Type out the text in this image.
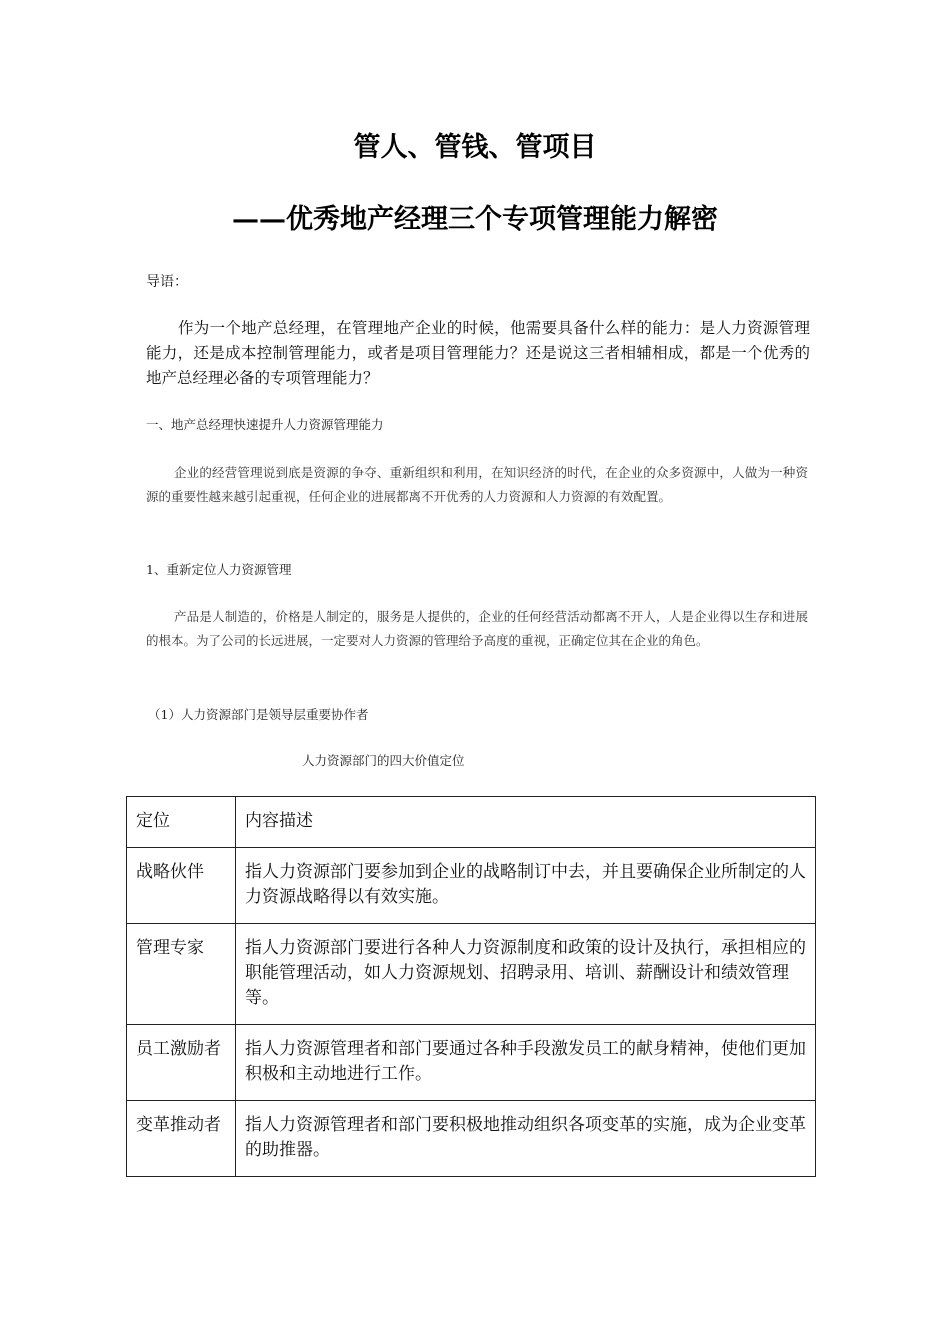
管人、管钱、管项目
——优秀地产经理三个专项管理能力解密

导语：

作为一个地产总经理，在管理地产企业的时候，他需要具备什么样的能力：是人力资源管理能力，还是成本控制管理能力，或者是项目管理能力？还是说这三者相辅相成，都是一个优秀的地产总经理必备的专项管理能力？

一、地产总经理快速提升人力资源管理能力

企业的经营管理说到底是资源的争夺、重新组织和利用，在知识经济的时代，在企业的众多资源中，人做为一种资源的重要性越来越引起重视，任何企业的进展都离不开优秀的人力资源和人力资源的有效配置。

1、重新定位人力资源管理

产品是人制造的，价格是人制定的，服务是人提供的，企业的任何经营活动都离不开人，人是企业得以生存和进展的根本。为了公司的长远进展，一定要对人力资源的管理给予高度的重视，正确定位其在企业的角色。

（1）人力资源部门是领导层重要协作者

人力资源部门的四大价值定位

定位	内容描述
战略伙伴	指人力资源部门要参加到企业的战略制订中去，并且要确保企业所制定的人力资源战略得以有效实施。
管理专家	指人力资源部门要进行各种人力资源制度和政策的设计及执行，承担相应的职能管理活动，如人力资源规划、招聘录用、培训、薪酬设计和绩效管理等。
员工激励者	指人力资源管理者和部门要通过各种手段激发员工的献身精神，使他们更加积极和主动地进行工作。
变革推动者	指人力资源管理者和部门要积极地推动组织各项变革的实施，成为企业变革的助推器。
